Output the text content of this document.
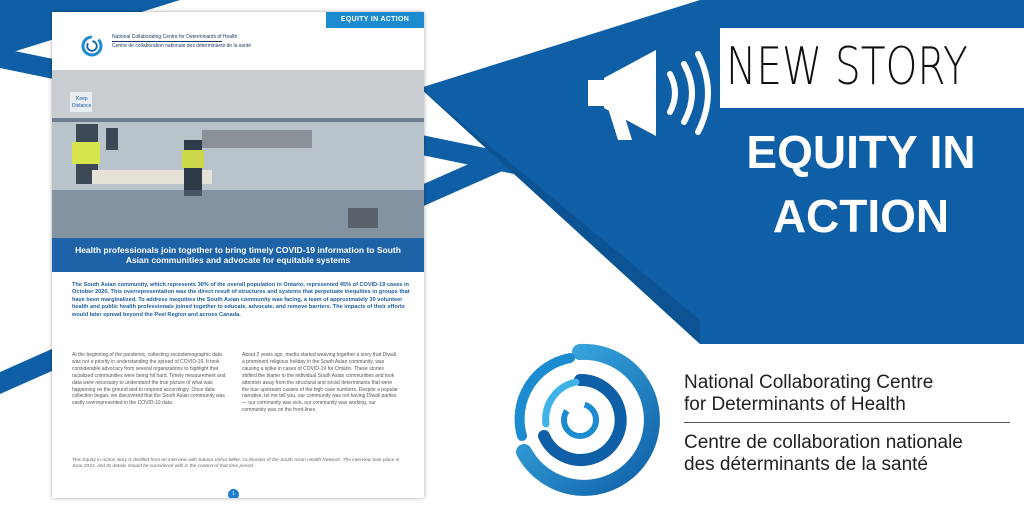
EQUITY IN ACTION
National Collaborating Centre for Determinants of Health
Centre de collaboration nationale des déterminants de la santé
Keep
Distance
Health professionals join together to bring timely COVID-19 information to South Asian communities and advocate for equitable systems
The South Asian community, which represents 30% of the overall population in Ontario, represented 45% of COVID-19 cases in October 2020. This overrepresentation was the direct result of structures and systems that perpetuate inequities in groups that have been marginalized. To address inequities the South Asian community was facing, a team of approximately 30 volunteer health and public health professionals joined together to educate, advocate, and remove barriers. The impacts of their efforts would later spread beyond the Peel Region and across Canada.
At the beginning of the pandemic, collecting sociodemographic data was not a priority in understanding the spread of COVID-19. It took considerable advocacy from several organizations to highlight that racialized communities were being hit hard. Timely measurement and data were necessary to understand the true picture of what was happening on the ground and to respond accordingly. Once data collection began, we discovered that the South Asian community was vastly overrepresented in the COVID-19 data.
About 2 years ago, media started weaving together a story that Diwali, a prominent religious holiday in the South Asian community, was causing a spike in cases of COVID-19 for Ontario. These stories shifted the blame to the individual South Asian communities and took attention away from the structural and social determinants that were the true upstream causes of the high case numbers. Despite a popular narrative, let me tell you, our community was not having Diwali parties — our community was sick, our community was working, our community was on the front-lines.
This Equity in Action story is distilled from an interview with Sabina Vohra-Miller, co-founder of the South Asian Health Network. The interview took place in June 2022, and its details should be considered with in the context of that time period.
1
NEW STORY
EQUITY IN
ACTION
National Collaborating Centre
for Determinants of Health
Centre de collaboration nationale
des déterminants de la santé
